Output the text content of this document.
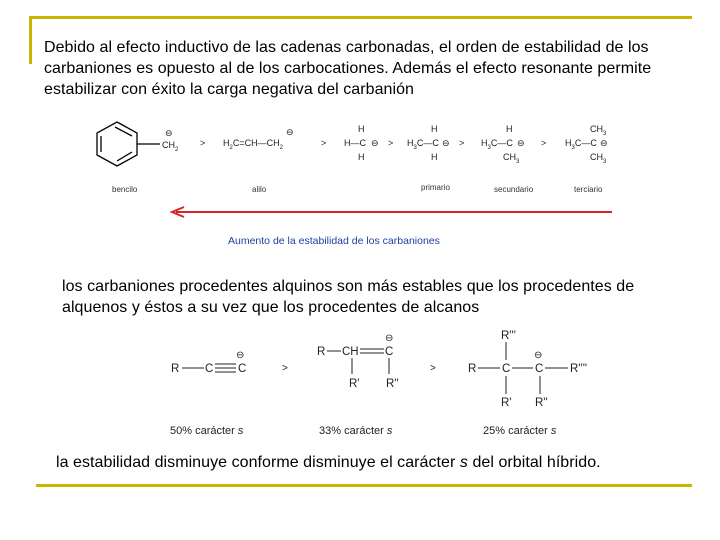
Debido al efecto inductivo de las cadenas carbonadas, el orden de estabilidad de los carbaniones es opuesto al de los carbocationes. Además el efecto resonante permite estabilizar con éxito la carga negativa del carbanión
los carbaniones procedentes alquinos son más estables que los procedentes de alquenos y éstos a su vez que los procedentes de alcanos
la estabilidad disminuye conforme disminuye el carácter s del orbital híbrido.
⊖
$CH_2$
> $H_2C=CH—CH_2$
⊖
>
H
H—C ⊖
H
>
H
$H_3C—C$ ⊖
H
>
H
$H_3C—C$ ⊖
$CH_3$
>
$CH_3$
$H_3C—C$ ⊖
$CH_3$
bencilo	alilo	primario	secundario	terciario
Aumento de la estabilidad de los carbaniones
R C C
⊖
>
R CH C
⊖
R' R''
>	R C C
⊖
R''''
R'''
R' R''
50% carácter s	33% carácter s	25% carácter s
